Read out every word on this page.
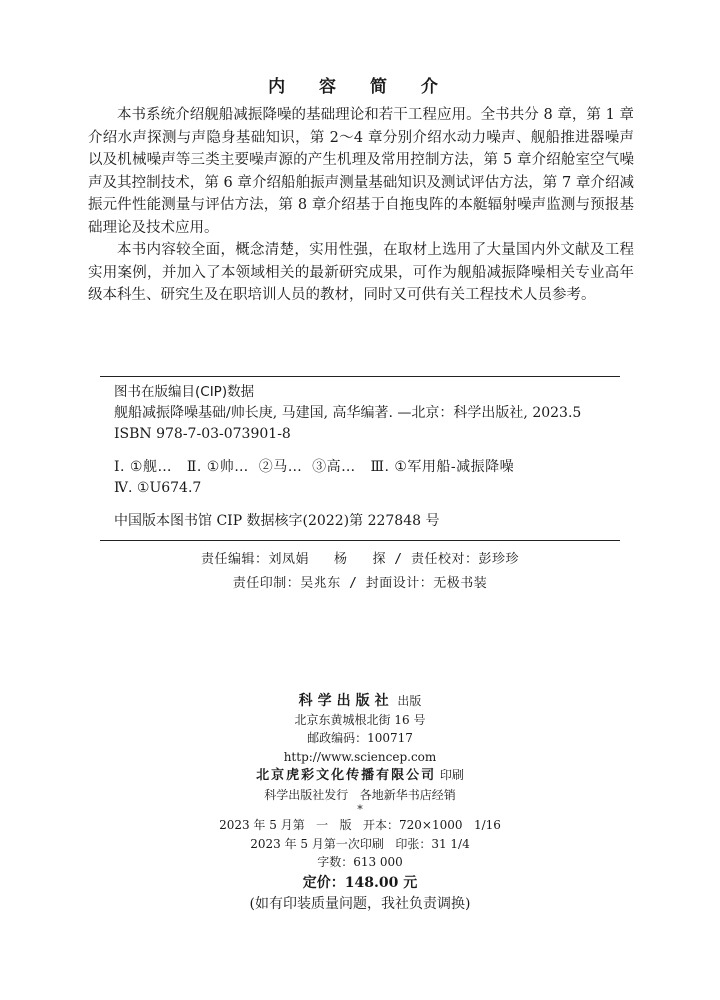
内 容 简 介

本书系统介绍舰船减振降噪的基础理论和若干工程应用。全书共分 8 章，第 1 章介绍水声探测与声隐身基础知识，第 2～4 章分别介绍水动力噪声、舰船推进器噪声以及机械噪声等三类主要噪声源的产生机理及常用控制方法，第 5 章介绍舱室空气噪声及其控制技术，第 6 章介绍船舶振声测量基础知识及测试评估方法，第 7 章介绍减振元件性能测量与评估方法，第 8 章介绍基于自拖曳阵的本艇辐射噪声监测与预报基础理论及技术应用。

本书内容较全面，概念清楚，实用性强，在取材上选用了大量国内外文献及工程实用案例，并加入了本领域相关的最新研究成果，可作为舰船减振降噪相关专业高年级本科生、研究生及在职培训人员的教材，同时又可供有关工程技术人员参考。

图书在版编目(CIP)数据
舰船减振降噪基础/帅长庚, 马建国, 高华编著. —北京：科学出版社, 2023.5
ISBN 978-7-03-073901-8
Ⅰ. ①舰…   Ⅱ. ①帅…  ②马…  ③高…   Ⅲ. ①军用船-减振降噪
Ⅳ. ①U674.7
中国版本图书馆 CIP 数据核字(2022)第 227848 号
责任编辑：刘凤娟   杨   探 / 责任校对：彭珍珍
责任印制：吴兆东 / 封面设计：无极书装
科学出版社 出版
北京东黄城根北街 16 号
邮政编码：100717
http://www.sciencep.com
北京虎彩文化传播有限公司 印刷
科学出版社发行   各地新华书店经销
*
2023 年 5 月第   一   版   开本：720×1000   1/16
2023 年 5 月第一次印刷   印张：31 1/4
字数：613 000
定价：148.00 元
(如有印装质量问题，我社负责调换)
